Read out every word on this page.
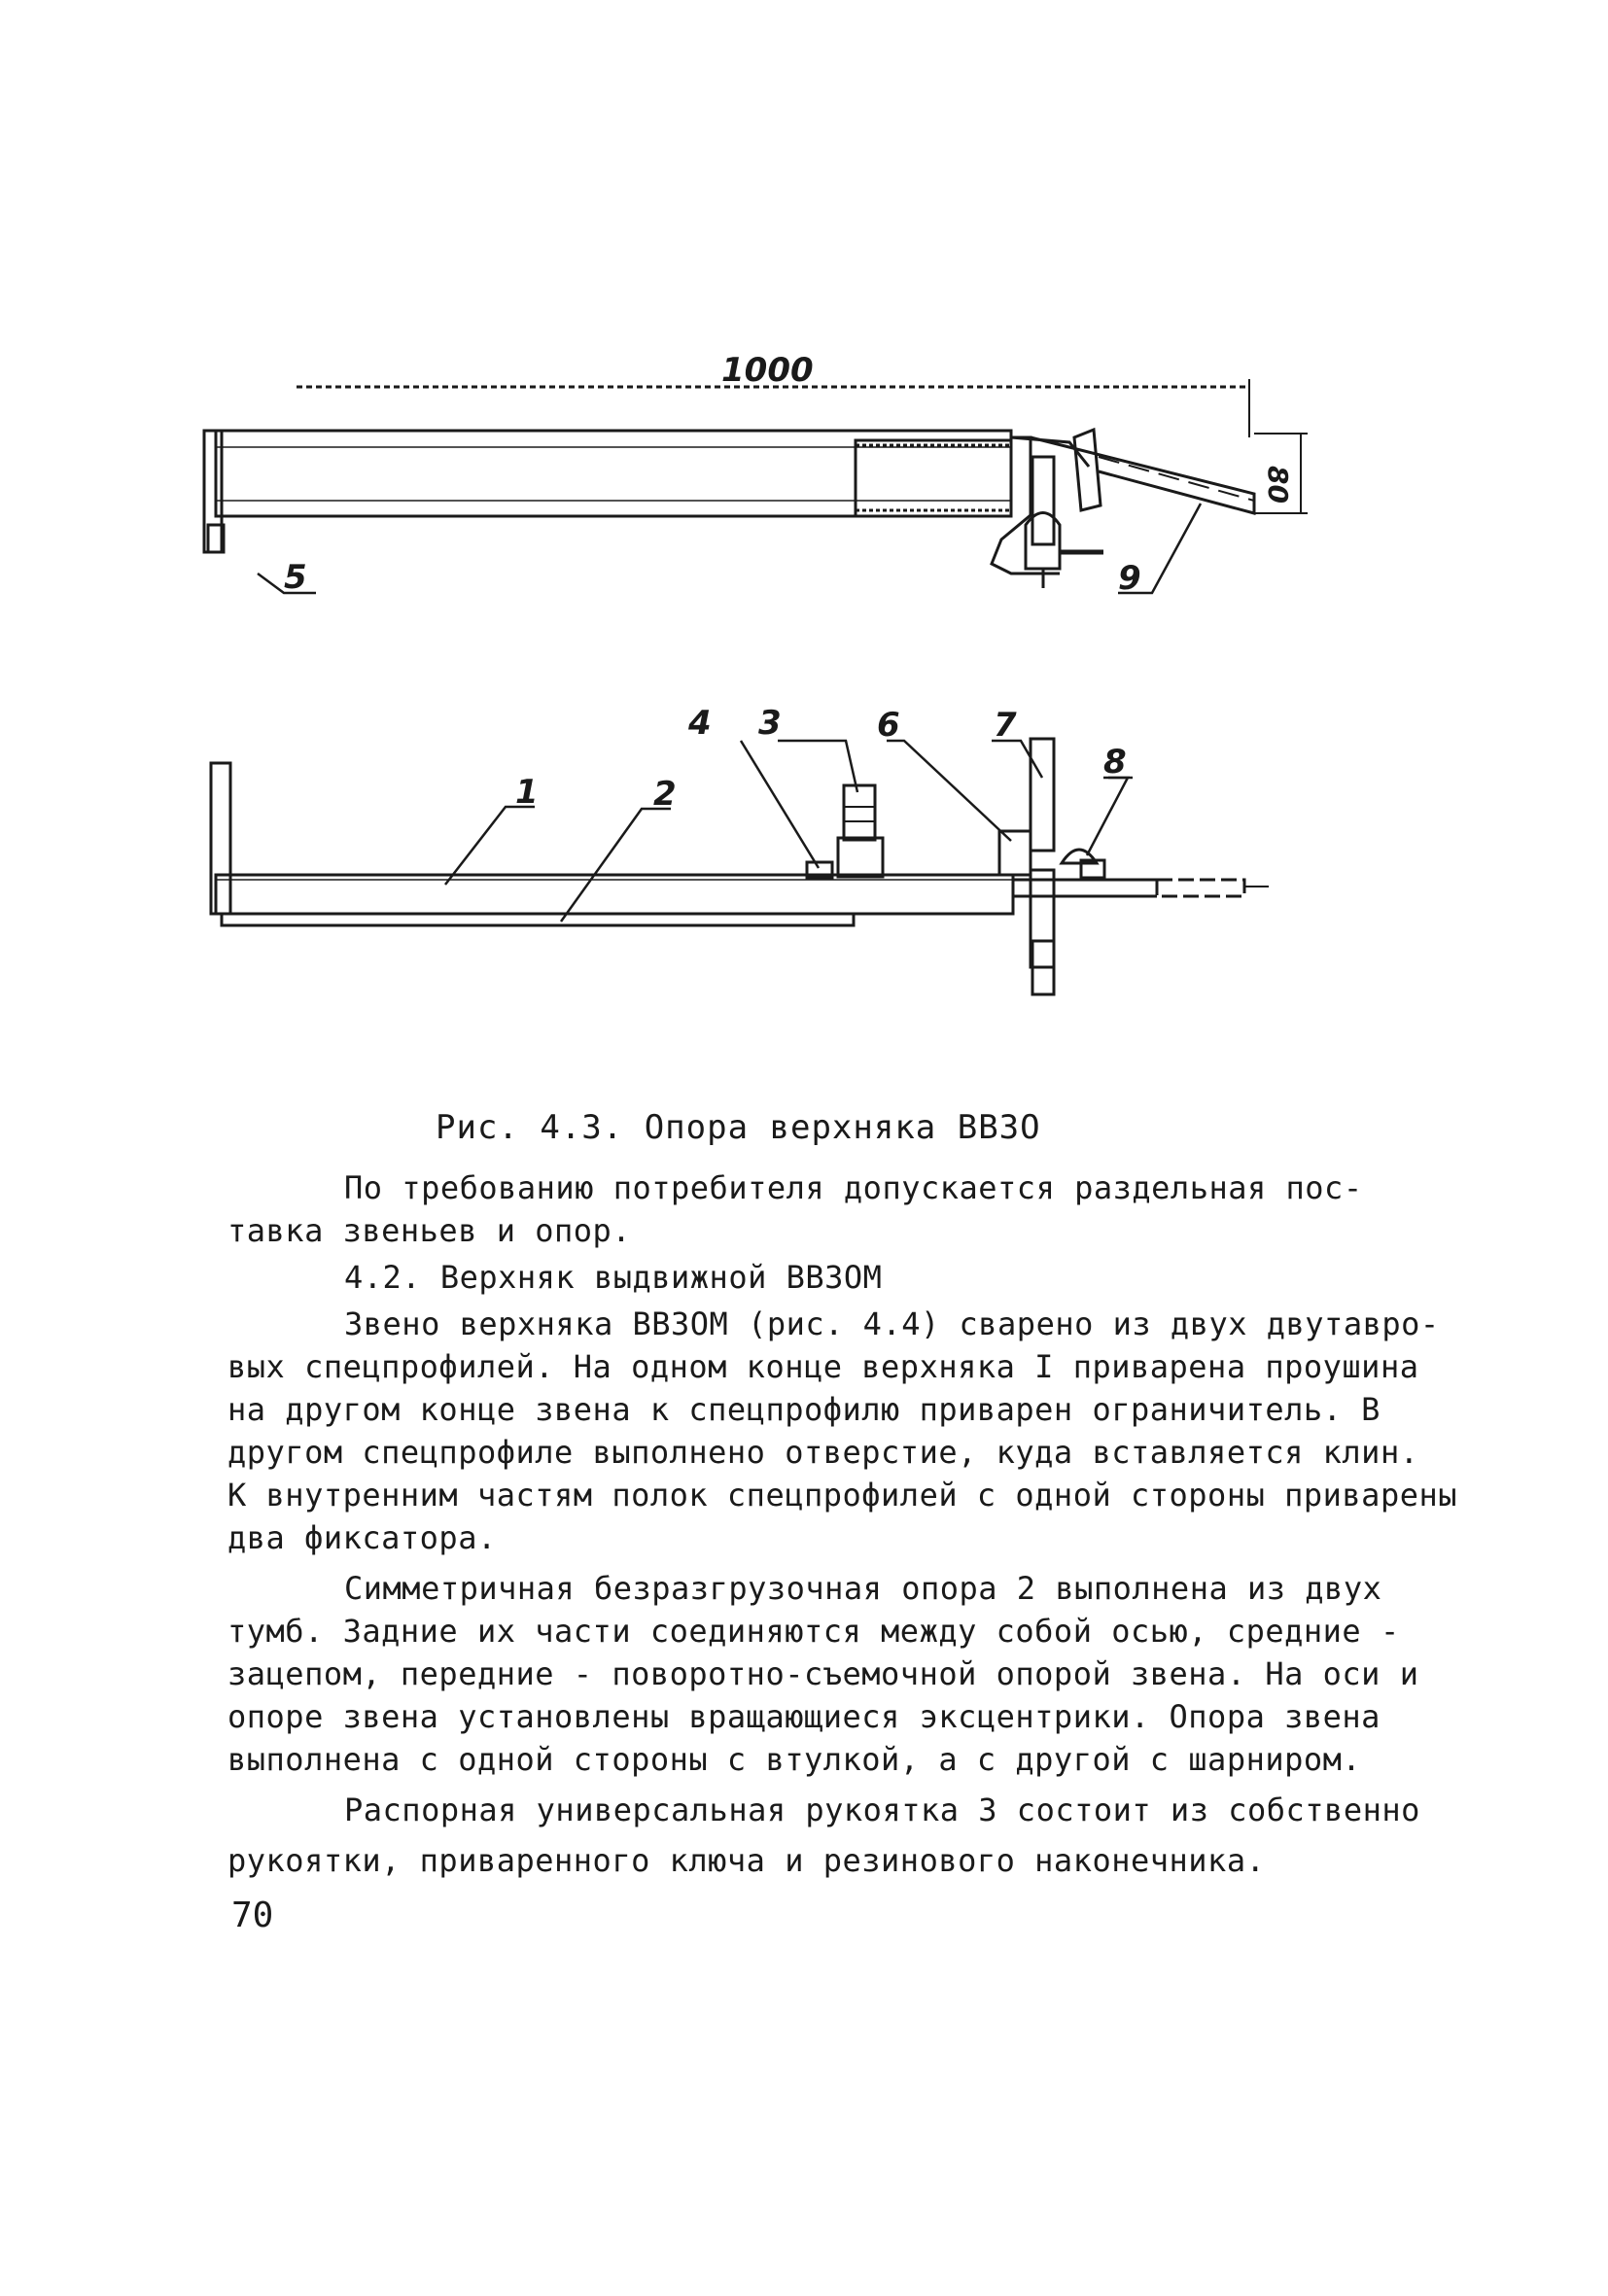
1000
80
5	9
1	2
3
4	6	7
8
Рис. 4.3. Опора верхняка ВВЗО

По требованию потребителя допускается раздельная пос-
тавка звеньев и опор.

4.2. Верхняк выдвижной ВВЗОМ

Звено верхняка ВВЗОМ (рис. 4.4) сварено из двух двутавро-
вых спецпрофилей. На одном конце верхняка I приварена проушина
на другом конце звена к спецпрофилю приварен ограничитель. В
другом спецпрофиле выполнено отверстие, куда вставляется клин.
К внутренним частям полок спецпрофилей с одной стороны приварены
два фиксатора.

Симметричная безразгрузочная опора 2 выполнена из двух
тумб. Задние их части соединяются между собой осью, средние -
зацепом, передние - поворотно-съемочной опорой звена. На оси и
опоре звена установлены вращающиеся эксцентрики. Опора звена
выполнена с одной стороны с втулкой, а с другой с шарниром.

Распорная универсальная рукоятка 3 состоит из собственно
рукоятки, приваренного ключа и резинового наконечника.

70
